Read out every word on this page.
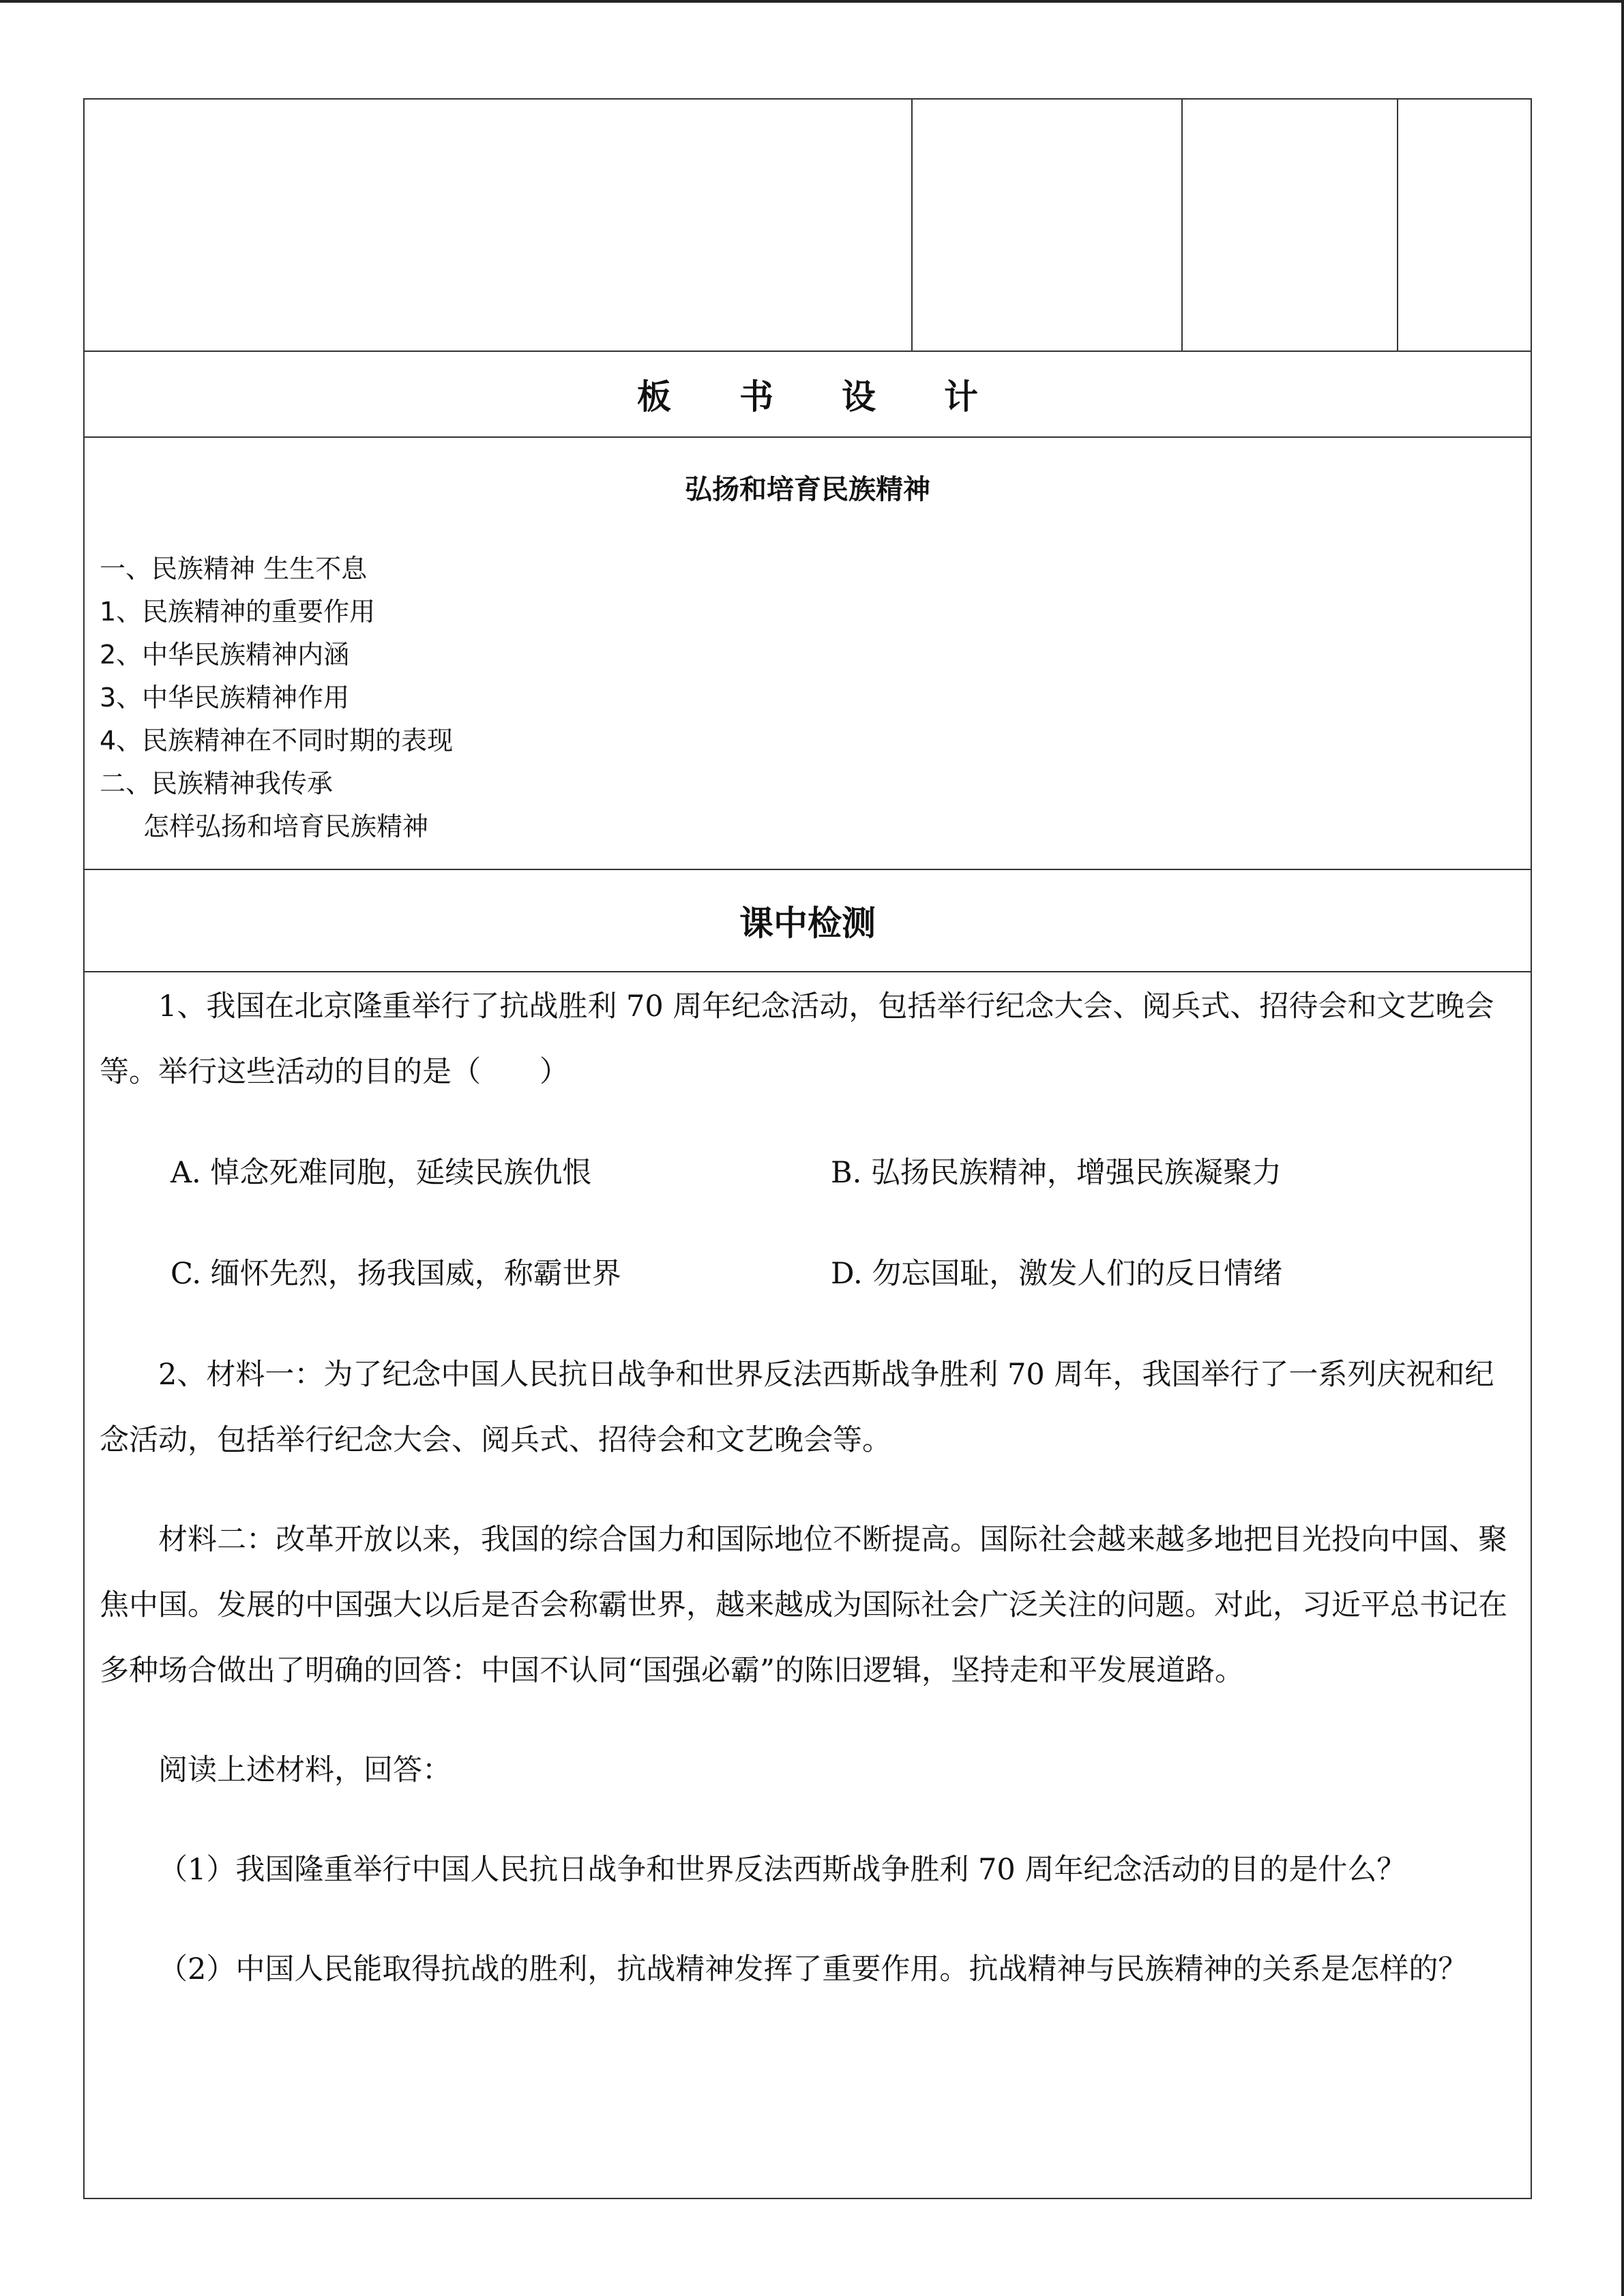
板 书 设 计

弘扬和培育民族精神

一、民族精神 生生不息

1、民族精神的重要作用

2、中华民族精神内涵

3、中华民族精神作用

4、民族精神在不同时期的表现

二、民族精神我传承

怎样弘扬和培育民族精神

课中检测

1、我国在北京隆重举行了抗战胜利 70 周年纪念活动，包括举行纪念大会、阅兵式、招待会和文艺晚会等。举行这些活动的目的是（　　）

A. 悼念死难同胞，延续民族仇恨	B. 弘扬民族精神，增强民族凝聚力
C. 缅怀先烈，扬我国威，称霸世界	D. 勿忘国耻，激发人们的反日情绪

2、材料一：为了纪念中国人民抗日战争和世界反法西斯战争胜利 70 周年，我国举行了一系列庆祝和纪念活动，包括举行纪念大会、阅兵式、招待会和文艺晚会等。

材料二：改革开放以来，我国的综合国力和国际地位不断提高。国际社会越来越多地把目光投向中国、聚焦中国。发展的中国强大以后是否会称霸世界，越来越成为国际社会广泛关注的问题。对此，习近平总书记在多种场合做出了明确的回答：中国不认同“国强必霸”的陈旧逻辑，坚持走和平发展道路。

阅读上述材料，回答：

（1）我国隆重举行中国人民抗日战争和世界反法西斯战争胜利 70 周年纪念活动的目的是什么？

（2）中国人民能取得抗战的胜利，抗战精神发挥了重要作用。抗战精神与民族精神的关系是怎样的？
